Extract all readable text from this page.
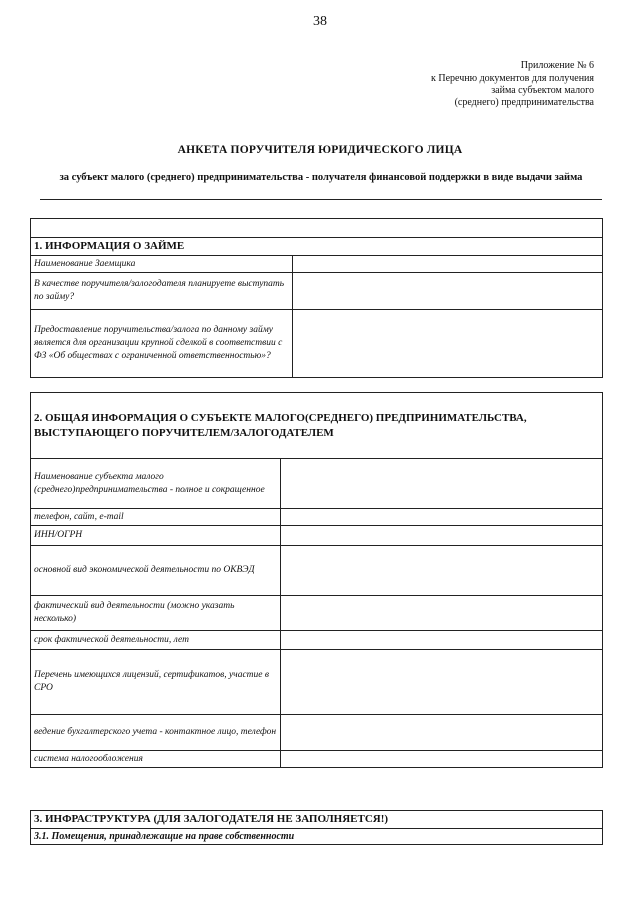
38
Приложение № 6
к Перечню документов для получения
займа субъектом малого
(среднего) предпринимательства
АНКЕТА ПОРУЧИТЕЛЯ ЮРИДИЧЕСКОГО ЛИЦА
за субъект малого (среднего) предпринимательства - получателя финансовой поддержки в виде выдачи займа

1. ИНФОРМАЦИЯ О ЗАЙМЕ	
Наименование Заемщика	
В качестве поручителя/залогодателя планируете выступать по займу?	
Предоставление поручительства/залога по данному займу является для организации крупной сделкой в соответствии с ФЗ «Об обществах с ограниченной ответственностью»?	
2. ОБЩАЯ ИНФОРМАЦИЯ О СУБЪЕКТЕ МАЛОГО(СРЕДНЕГО) ПРЕДПРИНИМАТЕЛЬСТВА, ВЫСТУПАЮЩЕГО ПОРУЧИТЕЛЕМ/ЗАЛОГОДАТЕЛЕМ	
Наименование субъекта малого (среднего)предпринимательства - полное и сокращенное	
телефон, сайт, e-mail	
ИНН/ОГРН	
основной вид экономической деятельности по ОКВЭД	
фактический вид деятельности (можно указать несколько)	
срок фактической деятельности, лет	
Перечень имеющихся лицензий, сертификатов, участие в СРО	
ведение бухгалтерского учета - контактное лицо, телефон	
система налогообложения	
3. ИНФРАСТРУКТУРА (ДЛЯ ЗАЛОГОДАТЕЛЯ НЕ ЗАПОЛНЯЕТСЯ!)
3.1. Помещения, принадлежащие на праве собственности
